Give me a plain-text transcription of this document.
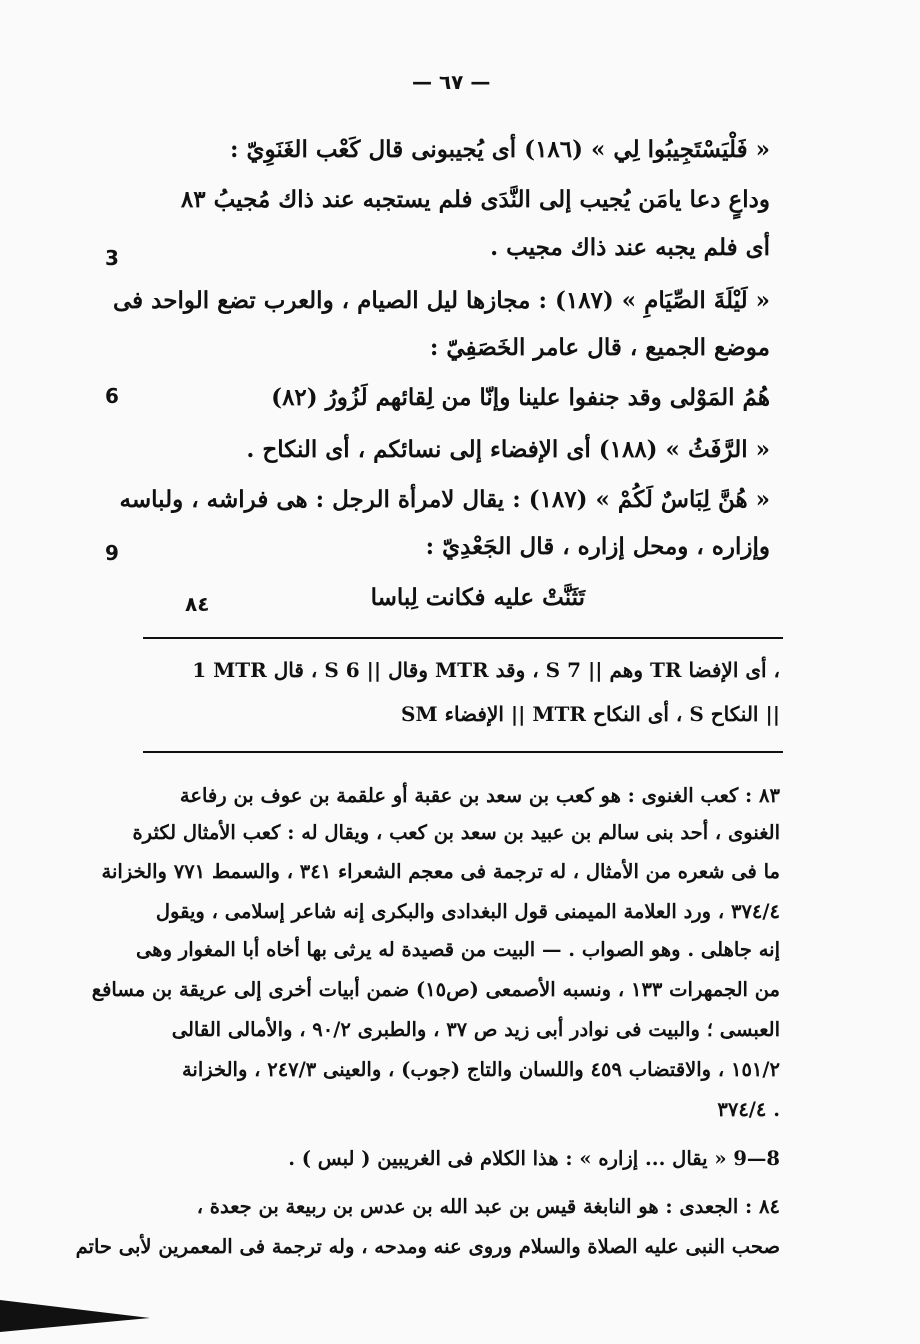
— ٦٧ —
« فَلْيَسْتَجِيبُوا لِي » (١٨٦) أى يُجيبونى قال كَعْب الغَنَوِيّ :
وداعٍ دعا يامَن يُجيب إلى النَّدَى فلم يستجبه عند ذاك مُجيبُ ٨٣
أى فلم يجبه عند ذاك مجيب .
3
« لَيْلَةَ الصِّيَامِ » (١٨٧) : مجازها ليل الصيام ، والعرب تضع الواحد فى
موضع الجميع ، قال عامر الخَصَفِيّ :
هُمُ المَوْلى وقد جنفوا علينا وإنّا من لِقائهم لَزُورُ (٨٢)
6
« الرَّفَثُ » (١٨٨) أى الإفضاء إلى نسائكم ، أى النكاح .
« هُنَّ لِبَاسٌ لَكُمْ » (١٨٧) : يقال لامرأة الرجل : هى فراشه ، ولباسه
وإزاره ، ومحل إزاره ، قال الجَعْدِيّ :
9
تَثَنَّتْ عليه فكانت لِباسا
٨٤
1 MTR قال ، S وقال || 6 MTR وقد ، S وهم || 7 TR أى الإفضا ،
SM الإفضاء || MTR أى النكاح ، S النكاح ||
٨٣ : كعب الغنوى : هو كعب بن سعد بن عقبة أو علقمة بن عوف بن رفاعة
الغنوى ، أحد بنى سالم بن عبيد بن سعد بن كعب ، ويقال له : كعب الأمثال لكثرة
ما فى شعره من الأمثال ، له ترجمة فى معجم الشعراء ٣٤١ ، والسمط ٧٧١ والخزانة
٣٧٤/٤ ، ورد العلامة الميمنى قول البغدادى والبكرى إنه شاعر إسلامى ، ويقول
إنه جاهلى . وهو الصواب . — البيت من قصيدة له يرثى بها أخاه أبا المغوار وهى
من الجمهرات ١٣٣ ، ونسبه الأصمعى (ص١٥) ضمن أبيات أخرى إلى عريقة بن مسافع
العبسى ؛ والبيت فى نوادر أبى زيد ص ٣٧ ، والطبرى ٩٠/٢ ، والأمالى القالى
١٥١/٢ ، والاقتضاب ٤٥٩ واللسان والتاج (جوب) ، والعينى ٢٤٧/٣ ، والخزانة
٣٧٤/٤ .
8—9 « يقال ... إزاره » : هذا الكلام فى الغريبين ( لبس ) .
٨٤ : الجعدى : هو النابغة قيس بن عبد الله بن عدس بن ربيعة بن جعدة ،
صحب النبى عليه الصلاة والسلام وروى عنه ومدحه ، وله ترجمة فى المعمرين لأبى حاتم
